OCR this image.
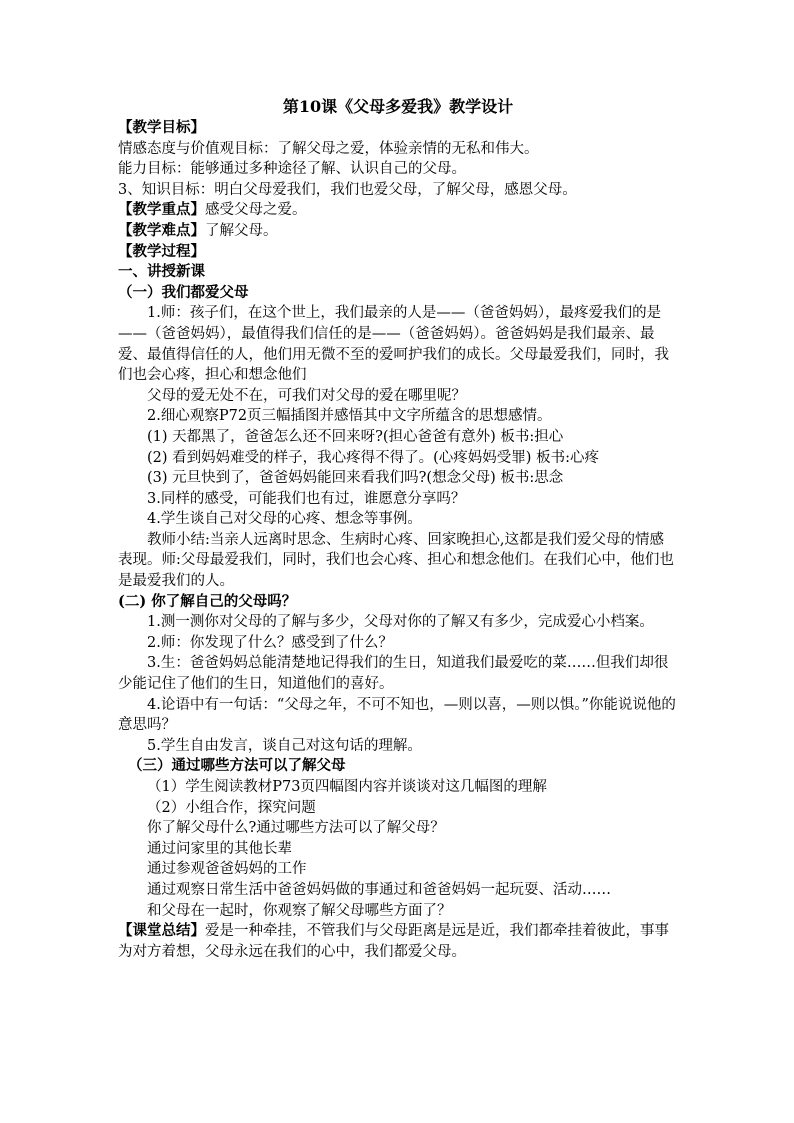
第10课《父母多爱我》教学设计
【教学目标】
情感态度与价值观目标：了解父母之爱，体验亲情的无私和伟大。
能力目标：能够通过多种途径了解、认识自己的父母。
3、知识目标：明白父母爱我们，我们也爱父母，了解父母，感恩父母。
【教学重点】感受父母之爱。
【教学难点】了解父母。
【教学过程】
一、讲授新课
（一）我们都爱父母
1.师：孩子们，在这个世上，我们最亲的人是——（爸爸妈妈），最疼爱我们的是——（爸爸妈妈），最值得我们信任的是——（爸爸妈妈）。爸爸妈妈是我们最亲、最爱、最值得信任的人，他们用无微不至的爱呵护我们的成长。父母最爱我们，同时，我们也会心疼，担心和想念他们
父母的爱无处不在，可我们对父母的爱在哪里呢？
2.细心观察P72页三幅插图并感悟其中文字所蕴含的思想感情。
(1) 天都黑了，爸爸怎么还不回来呀?(担心爸爸有意外) 板书:担心
(2) 看到妈妈难受的样子，我心疼得不得了。(心疼妈妈受罪) 板书:心疼
(3) 元旦快到了，爸爸妈妈能回来看我们吗?(想念父母) 板书:思念
3.同样的感受，可能我们也有过，谁愿意分享吗？
4.学生谈自己对父母的心疼、想念等事例。
教师小结:当亲人远离时思念、生病时心疼、回家晚担心,这都是我们爱父母的情感表现。师:父母最爱我们，同时，我们也会心疼、担心和想念他们。在我们心中，他们也是最爱我们的人。
(二) 你了解自己的父母吗？
1.测一测你对父母的了解与多少，父母对你的了解又有多少，完成爱心小档案。
2.师：你发现了什么？感受到了什么？
3.生：爸爸妈妈总能清楚地记得我们的生日，知道我们最爱吃的菜……但我们却很少能记住了他们的生日，知道他们的喜好。
4.论语中有一句话：“父母之年，不可不知也，—则以喜，—则以惧。”你能说说他的意思吗？
5.学生自由发言，谈自己对这句话的理解。
（三）通过哪些方法可以了解父母
（1）学生阅读教材P73页四幅图内容并谈谈对这几幅图的理解
（2）小组合作，探究问题
你了解父母什么?通过哪些方法可以了解父母？
通过问家里的其他长辈
通过参观爸爸妈妈的工作
通过观察日常生活中爸爸妈妈做的事通过和爸爸妈妈一起玩耍、活动……
和父母在一起时，你观察了解父母哪些方面了？
【课堂总结】爱是一种牵挂，不管我们与父母距离是远是近，我们都牵挂着彼此，事事为对方着想，父母永远在我们的心中，我们都爱父母。
